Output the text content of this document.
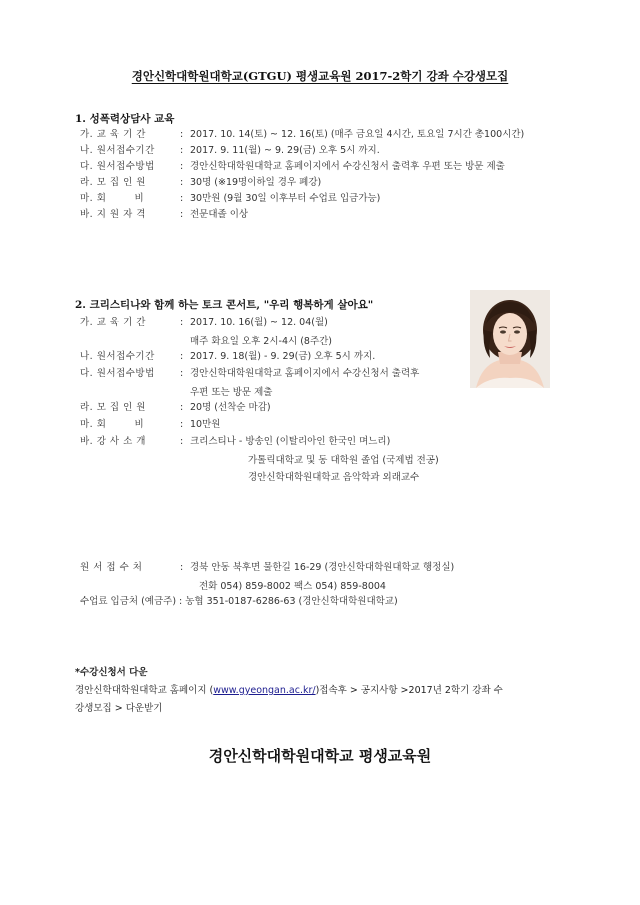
경안신학대학원대학교(GTGU) 평생교육원 2017-2학기 강좌 수강생모집
1. 성폭력상담사 교육
가. 교 육 기 간	: 2017. 10. 14(토) ~ 12. 16(토) (매주 금요일 4시간, 토요일 7시간 총100시간)
나. 원서접수기간	: 2017. 9. 11(월) ~ 9. 29(금) 오후 5시 까지.
다. 원서접수방법	: 경안신학대학원대학교 홈페이지에서 수강신청서 출력후 우편 또는 방문 제출
라. 모 집 인 원	: 30명 (※19명이하일 경우 폐강)
마. 회        비	: 30만원 (9월 30일 이후부터 수업료 입금가능)
바. 지 원 자 격	: 전문대졸 이상
2. 크리스티나와 함께 하는 토크 콘서트, "우리 행복하게 살아요"
가. 교 육 기 간	: 2017. 10. 16(월) ~ 12. 04(월)
매주 화요일 오후 2시-4시 (8주간)
나. 원서접수기간	: 2017. 9. 18(월) - 9. 29(금) 오후 5시 까지.
다. 원서접수방법	: 경안신학대학원대학교 홈페이지에서 수강신청서 출력후
우편 또는 방문 제출
라. 모 집 인 원	: 20명 (선착순 마감)
마. 회        비	: 10만원
바. 강 사 소 개	: 크리스티나 - 방송인 (이탈리아인 한국인 며느리)
가톨릭대학교 및 동 대학원 졸업 (국제법 전공)
경안신학대학원대학교 음악학과 외래교수
원 서 접 수 처	: 경북 안동 북후면 물한길 16-29 (경안신학대학원대학교 행정실)
전화 054) 859-8002 팩스 054) 859-8004
수업료 입금처 (예금주) : 농협 351-0187-6286-63 (경안신학대학원대학교)
*수강신청서 다운
경안신학대학원대학교 홈페이지 (www.gyeongan.ac.kr/)접속후 > 공지사항 >2017년 2학기 강좌 수
강생모집 > 다운받기
경안신학대학원대학교 평생교육원
